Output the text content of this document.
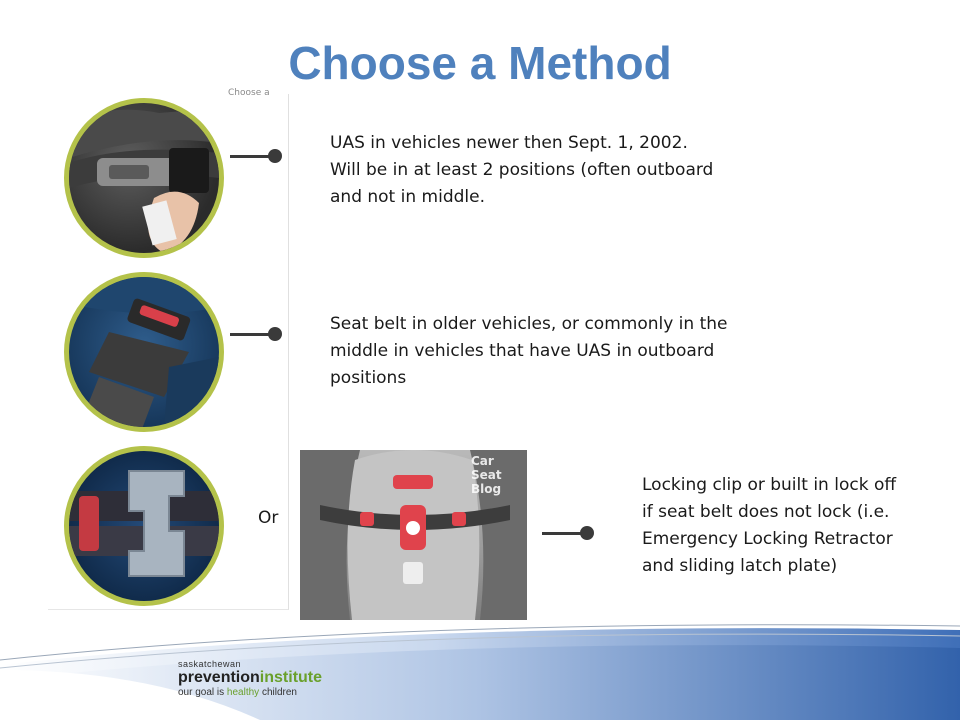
Choose a Method
Choose a

UAS in vehicles newer then Sept. 1, 2002.
Will be in at least 2 positions (often outboard
and not in middle.

Seat belt in older vehicles, or commonly in the
middle in vehicles that have UAS in outboard
positions

Or
Car
Seat
Blog	Locking clip or built in lock off
if seat belt does not lock (i.e.
Emergency Locking Retractor
and sliding latch plate)

saskatchewan
preventioninstitute
our goal is healthy children
